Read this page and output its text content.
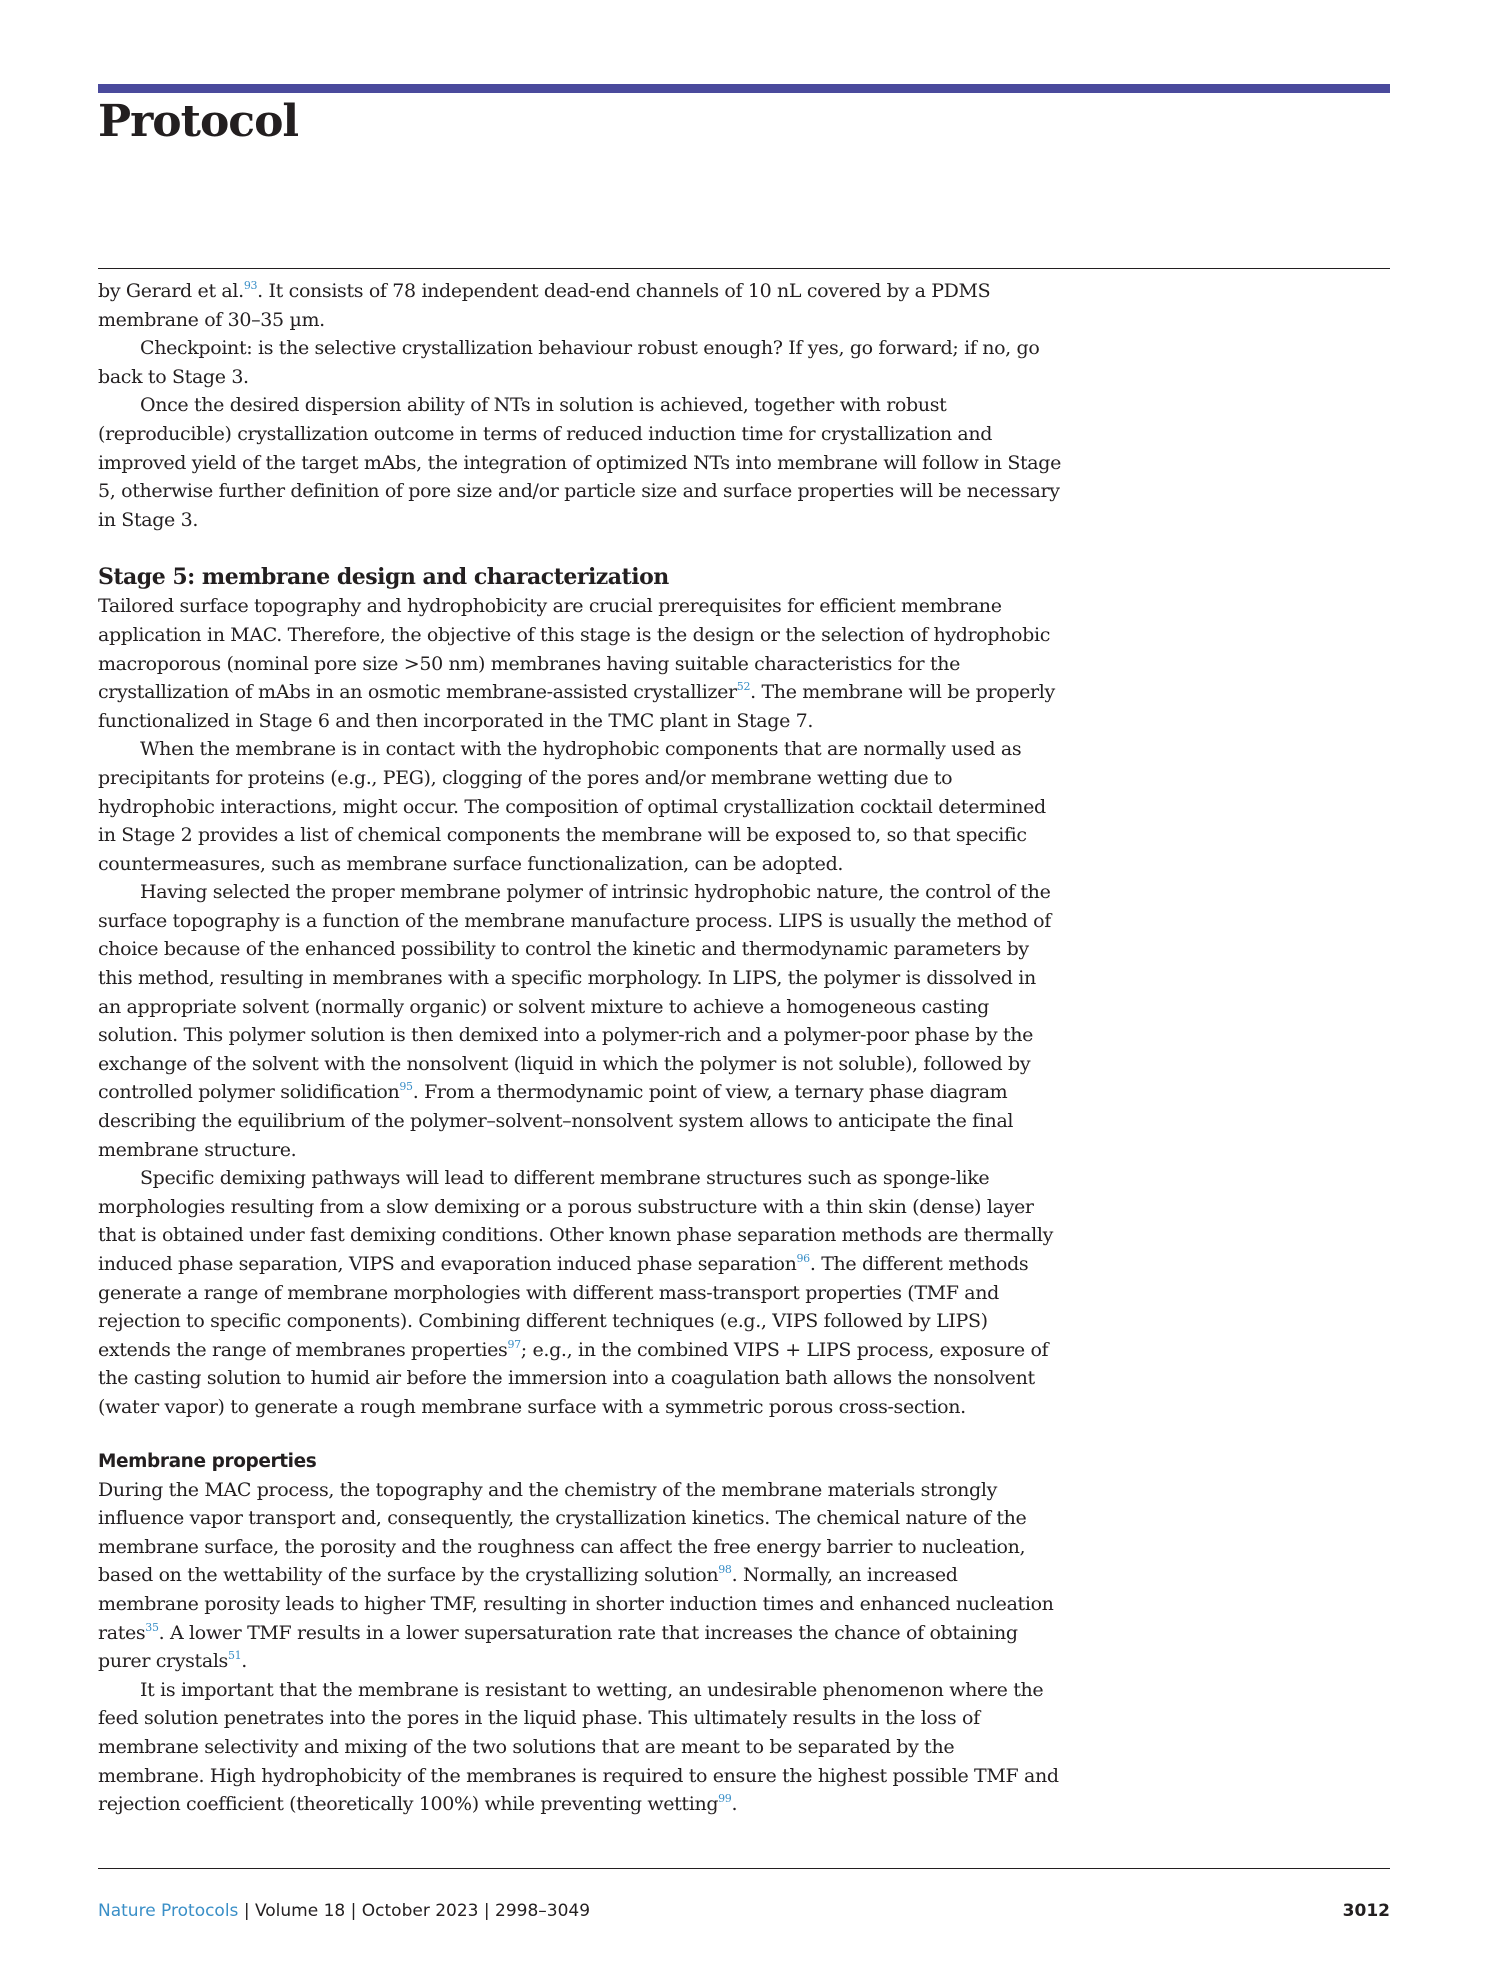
Protocol

by Gerard et al.$^{93}$. It consists of 78 independent dead-end channels of 10 nL covered by a PDMS membrane of 30–35 µm.

Checkpoint: is the selective crystallization behaviour robust enough? If yes, go forward; if no, go back to Stage 3.

Once the desired dispersion ability of NTs in solution is achieved, together with robust (reproducible) crystallization outcome in terms of reduced induction time for crystallization and improved yield of the target mAbs, the integration of optimized NTs into membrane will follow in Stage 5, otherwise further definition of pore size and/or particle size and surface properties will be necessary in Stage 3.

Stage 5: membrane design and characterization

Tailored surface topography and hydrophobicity are crucial prerequisites for efficient membrane application in MAC. Therefore, the objective of this stage is the design or the selection of hydrophobic macroporous (nominal pore size >50 nm) membranes having suitable characteristics for the crystallization of mAbs in an osmotic membrane-assisted crystallizer$^{52}$. The membrane will be properly functionalized in Stage 6 and then incorporated in the TMC plant in Stage 7.

When the membrane is in contact with the hydrophobic components that are normally used as precipitants for proteins (e.g., PEG), clogging of the pores and/or membrane wetting due to hydrophobic interactions, might occur. The composition of optimal crystallization cocktail determined in Stage 2 provides a list of chemical components the membrane will be exposed to, so that specific countermeasures, such as membrane surface functionalization, can be adopted.

Having selected the proper membrane polymer of intrinsic hydrophobic nature, the control of the surface topography is a function of the membrane manufacture process. LIPS is usually the method of choice because of the enhanced possibility to control the kinetic and thermodynamic parameters by this method, resulting in membranes with a specific morphology. In LIPS, the polymer is dissolved in an appropriate solvent (normally organic) or solvent mixture to achieve a homogeneous casting solution. This polymer solution is then demixed into a polymer-rich and a polymer-poor phase by the exchange of the solvent with the nonsolvent (liquid in which the polymer is not soluble), followed by controlled polymer solidification$^{95}$. From a thermodynamic point of view, a ternary phase diagram describing the equilibrium of the polymer–solvent–nonsolvent system allows to anticipate the final membrane structure.

Specific demixing pathways will lead to different membrane structures such as sponge-like morphologies resulting from a slow demixing or a porous substructure with a thin skin (dense) layer that is obtained under fast demixing conditions. Other known phase separation methods are thermally induced phase separation, VIPS and evaporation induced phase separation$^{96}$. The different methods generate a range of membrane morphologies with different mass-transport properties (TMF and rejection to specific components). Combining different techniques (e.g., VIPS followed by LIPS) extends the range of membranes properties$^{97}$; e.g., in the combined VIPS + LIPS process, exposure of the casting solution to humid air before the immersion into a coagulation bath allows the nonsolvent (water vapor) to generate a rough membrane surface with a symmetric porous cross-section.

Membrane properties

During the MAC process, the topography and the chemistry of the membrane materials strongly influence vapor transport and, consequently, the crystallization kinetics. The chemical nature of the membrane surface, the porosity and the roughness can affect the free energy barrier to nucleation, based on the wettability of the surface by the crystallizing solution$^{98}$. Normally, an increased membrane porosity leads to higher TMF, resulting in shorter induction times and enhanced nucleation rates$^{35}$. A lower TMF results in a lower supersaturation rate that increases the chance of obtaining purer crystals$^{51}$.

It is important that the membrane is resistant to wetting, an undesirable phenomenon where the feed solution penetrates into the pores in the liquid phase. This ultimately results in the loss of membrane selectivity and mixing of the two solutions that are meant to be separated by the membrane. High hydrophobicity of the membranes is required to ensure the highest possible TMF and rejection coefficient (theoretically 100%) while preventing wetting$^{99}$.

Nature Protocols | Volume 18 | October 2023 | 2998–3049	3012
